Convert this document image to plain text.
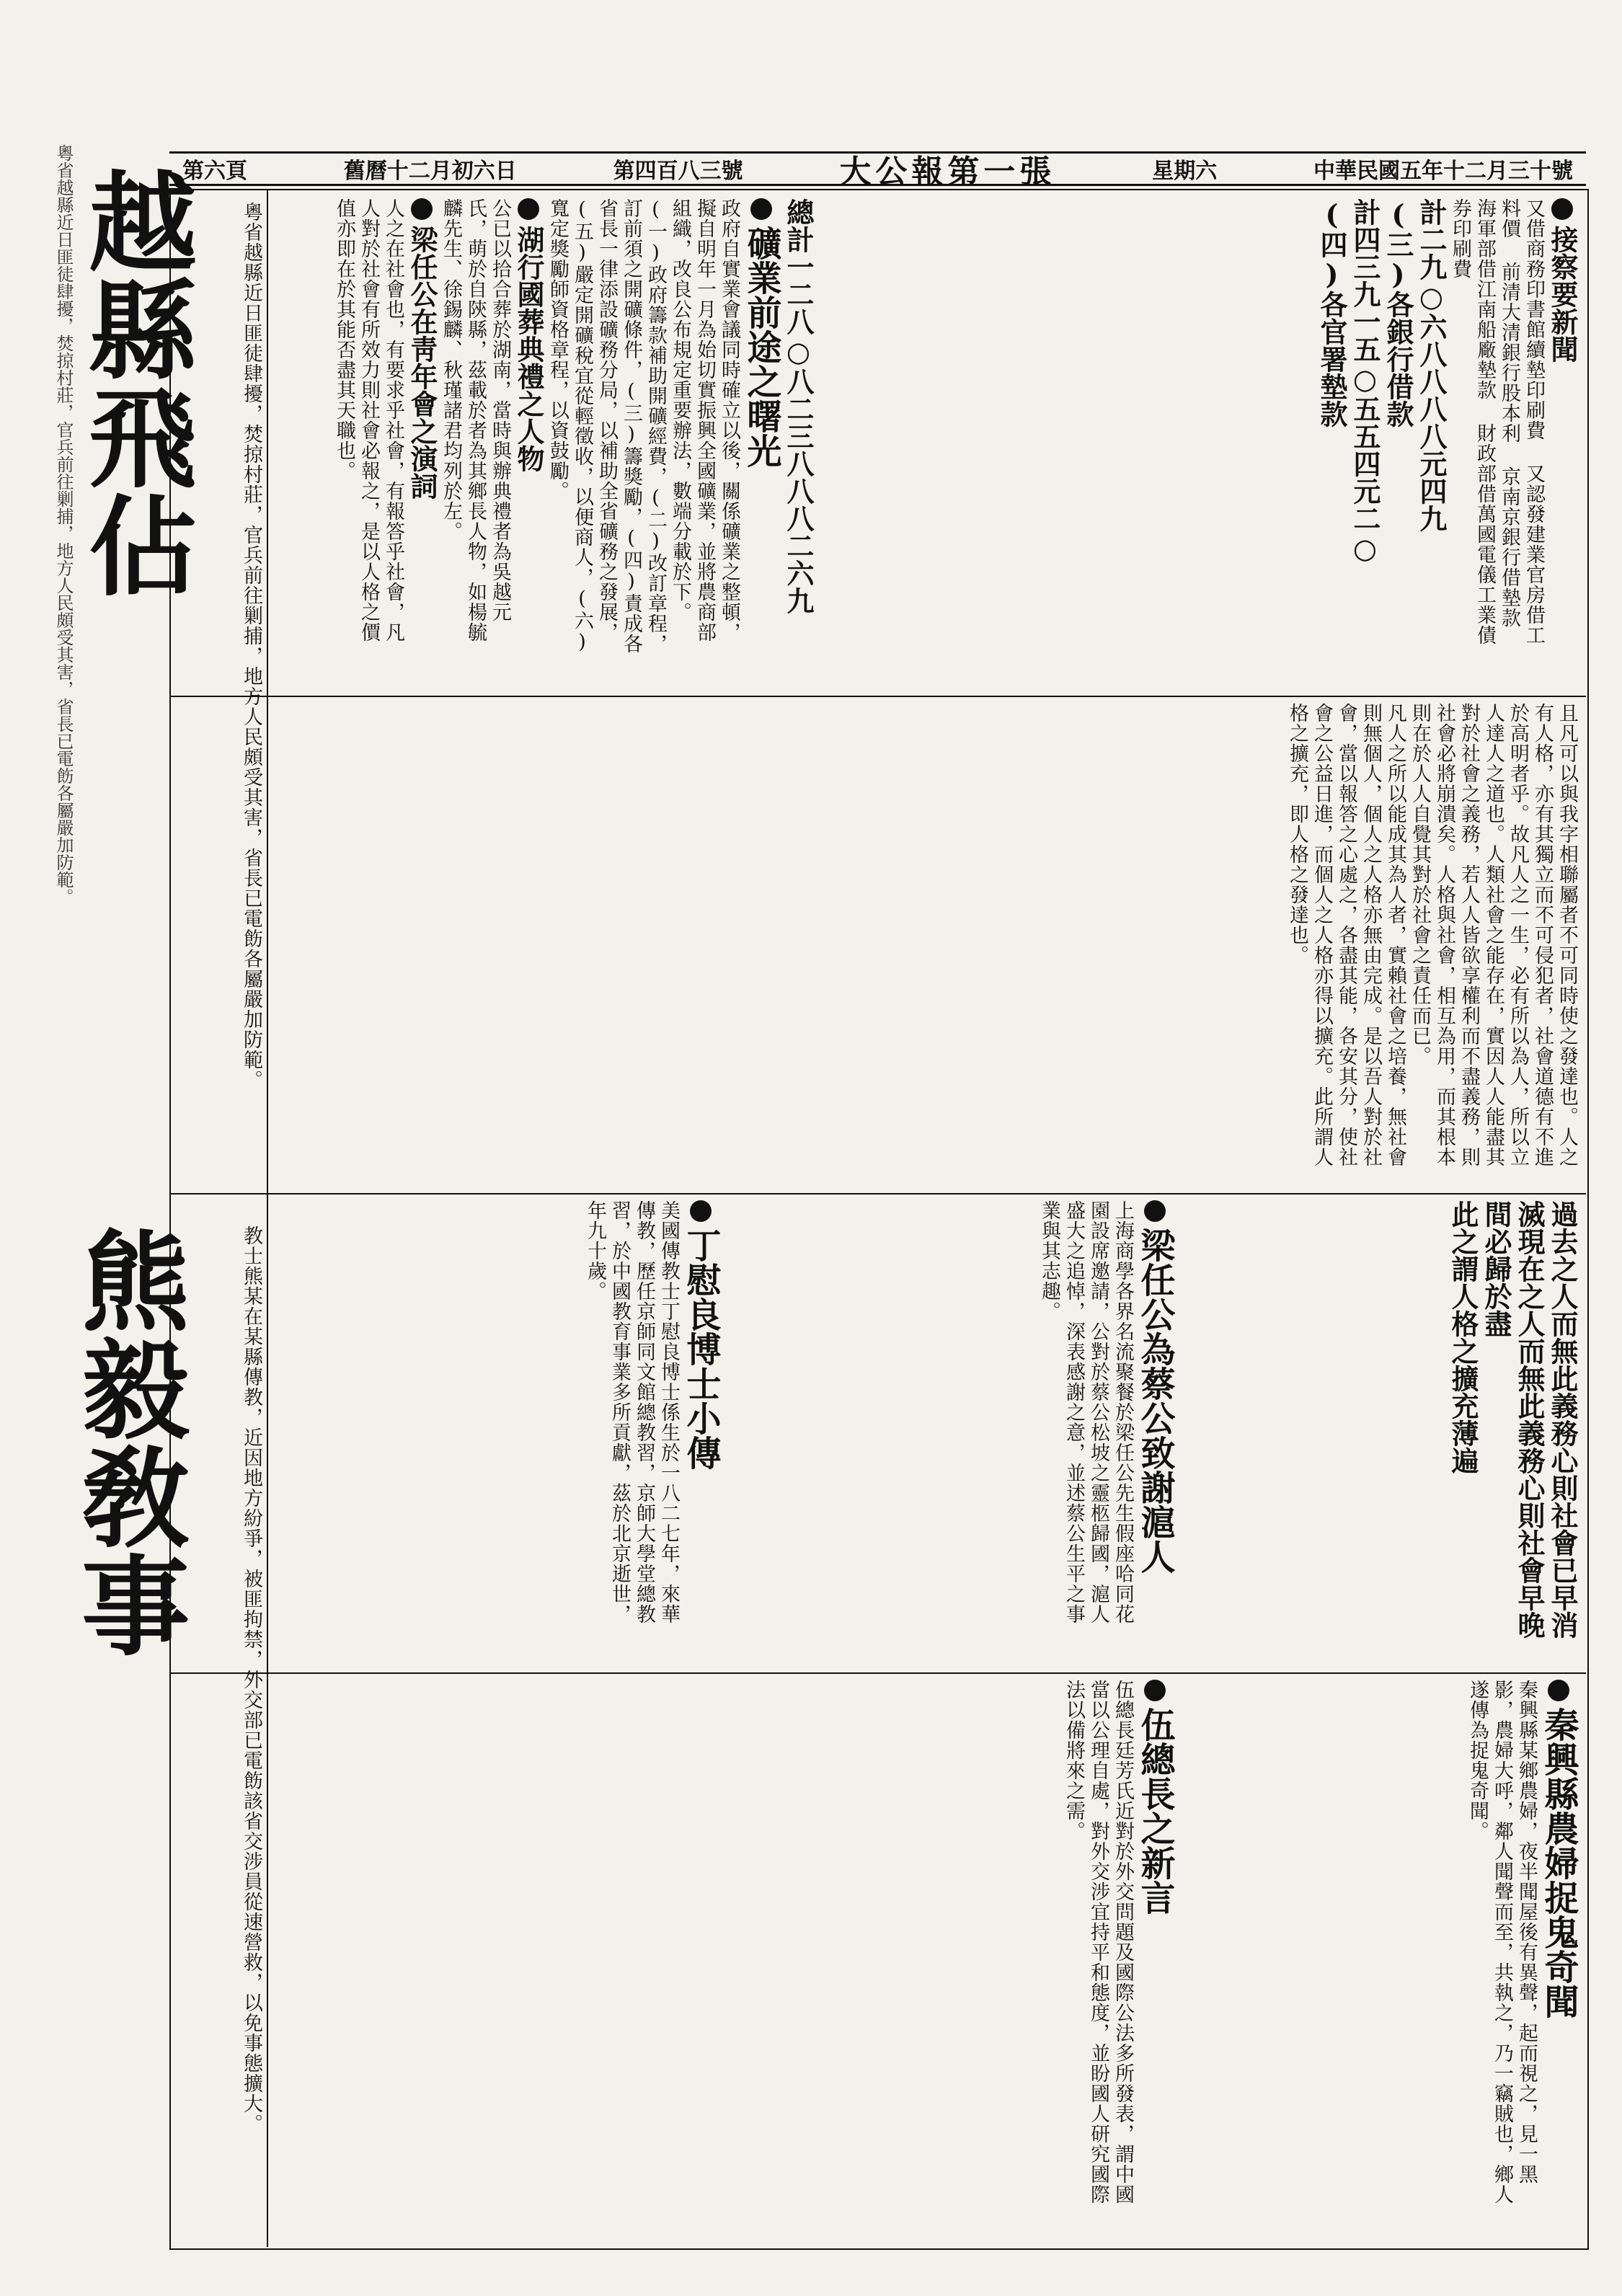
中華民國五年十二月三十號
星期六
大公報第一張
第四百八三號
舊曆十二月初六日
第六頁
粵省越縣近日匪徒肆擾，焚掠村莊，官兵前往剿捕，地方人民頗受其害，省長已電飭各屬嚴加防範。
越縣飛佔	粵省越縣近日匪徒肆擾，焚掠村莊，官兵前往剿捕，地方人民頗受其害，省長已電飭各屬嚴加防範。
熊毅敎事	教士熊某在某縣傳教，近因地方紛爭，被匪拘禁，外交部已電飭該省交涉員從速營救，以免事態擴大。
接察要新聞
又借商務印書館續墊印刷費 又認發建業官房借工料價 前清大清銀行股本利 京南京銀行借墊款 海軍部借江南船廠墊款 財政部借萬國電儀工業債券印刷費
計二九○六八八八八元四九
(三)各銀行借款
計四三九一五○五五四元二○
(四)各官署墊款
總計一二八○八二三八八八二六九
礦業前途之曙光
政府自實業會議同時確立以後，關係礦業之整頓，擬自明年一月為始切實振興全國礦業，並將農商部組織，改良公布規定重要辦法，數端分載於下。(一)政府籌款補助開礦經費，(二)改訂章程，訂前須之開礦條件，(三)籌獎勵，(四)責成各省長一律添設礦務分局，以補助全省礦務之發展，(五)嚴定開礦稅宜從輕徵收，以便商人，(六)寬定獎勵師資格章程，以資鼓勵。
湖行國葬典禮之人物
公已以拾合葬於湖南，當時與辦典禮者為吳越元氏，萌於自陝縣，茲載於者為其鄉長人物，如楊毓麟先生、徐錫麟、秋瑾諸君均列於左。
梁任公在靑年會之演詞
人之在社會也，有要求乎社會，有報答乎社會，凡人對於社會有所效力則社會必報之，是以人格之價值亦即在於其能否盡其天職也。
且凡可以與我字相聯屬者不可同時使之發達也。人之有人格，亦有其獨立而不可侵犯者，社會道德有不進於高明者乎。故凡人之一生，必有所以為人，所以立人達人之道也。人類社會之能存在，實因人人能盡其對於社會之義務，若人人皆欲享權利而不盡義務，則社會必將崩潰矣。人格與社會，相互為用，而其根本則在於人人自覺其對於社會之責任而已。
凡人之所以能成其為人者，實賴社會之培養，無社會則無個人，個人之人格亦無由完成。是以吾人對於社會，當以報答之心處之，各盡其能，各安其分，使社會之公益日進，而個人之人格亦得以擴充。此所謂人格之擴充，即人格之發達也。
過去之人而無此義務心則社會已早消滅現在之人而無此義務心則社會早晚間必歸於盡
此之謂人格之擴充薄遍
梁任公為蔡公致謝滬人
上海商學各界名流聚餐於梁任公先生假座哈同花園設席邀請，公對於蔡公松坡之靈柩歸國，滬人盛大之追悼，深表感謝之意，並述蔡公生平之事業與其志趣。
丁慰良博士小傳
美國傳教士丁慰良博士係生於一八二七年，來華傳教，歷任京師同文館總教習，京師大學堂總教習，於中國教育事業多所貢獻，茲於北京逝世，年九十歲。
秦興縣農婦捉鬼奇聞
秦興縣某鄉農婦，夜半聞屋後有異聲，起而視之，見一黑影，農婦大呼，鄰人聞聲而至，共執之，乃一竊賊也，鄉人遂傳為捉鬼奇聞。
伍總長之新言
伍總長廷芳氏近對於外交問題及國際公法多所發表，謂中國當以公理自處，對外交涉宜持平和態度，並盼國人研究國際法以備將來之需。
